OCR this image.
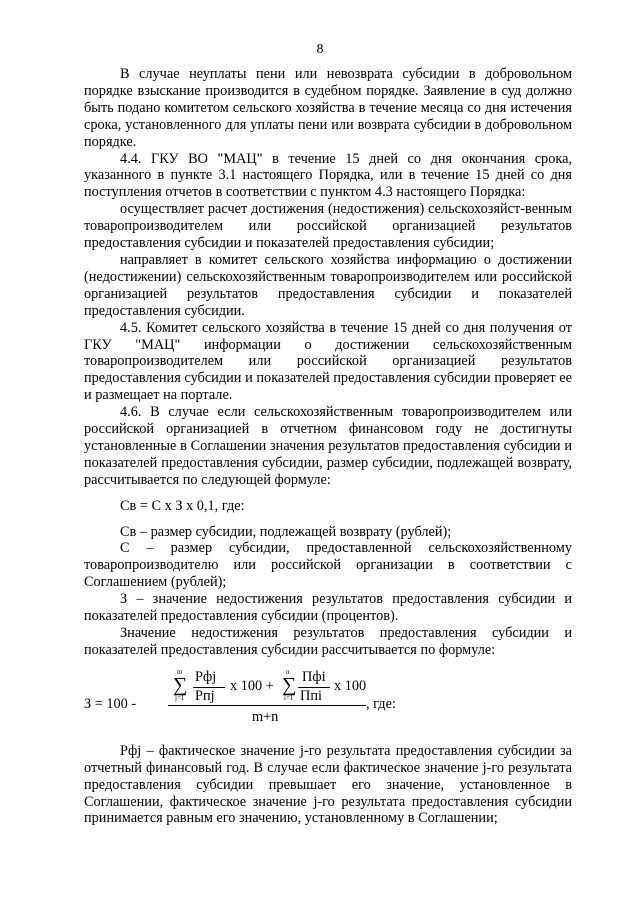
8

В случае неуплаты пени или невозврата субсидии в добровольном порядке взыскание производится в судебном порядке. Заявление в суд должно быть подано комитетом сельского хозяйства в течение месяца со дня истечения срока, установленного для уплаты пени или возврата субсидии в добровольном порядке.

4.4. ГКУ ВО "МАЦ" в течение 15 дней со дня окончания срока, указанного в пункте 3.1 настоящего Порядка, или в течение 15 дней со дня поступления отчетов в соответствии с пунктом 4.3 настоящего Порядка:

осуществляет расчет достижения (недостижения) сельскохозяйст-венным товаропроизводителем или российской организацией результатов предоставления субсидии и показателей предоставления субсидии;

направляет в комитет сельского хозяйства информацию о достижении (недостижении) сельскохозяйственным товаропроизводителем или российской организацией результатов предоставления субсидии и показателей предоставления субсидии.

4.5. Комитет сельского хозяйства в течение 15 дней со дня получения от ГКУ "МАЦ" информации о достижении сельскохозяйственным товаропроизводителем или российской организацией результатов предоставления субсидии и показателей предоставления субсидии проверяет ее и размещает на портале.

4.6. В случае если сельскохозяйственным товаропроизводителем или российской организацией в отчетном финансовом году не достигнуты установленные в Соглашении значения результатов предоставления субсидии и показателей предоставления субсидии, размер субсидии, подлежащей возврату, рассчитывается по следующей формуле:

Св = С х З х 0,1, где:

Св – размер субсидии, подлежащей возврату (рублей);

С – размер субсидии, предоставленной сельскохозяйственному товаропроизводителю или российской организации в соответствии с Соглашением (рублей);

З – значение недостижения результатов предоставления субсидии и показателей предоставления субсидии (процентов).

Значение недостижения результатов предоставления субсидии и показателей предоставления субсидии рассчитывается по формуле:

m
∑
j=1
Рфj
Рпj
х 100 +
n
∑
i=1
Пфi
Ппi
х 100
З = 100 -	, где:
m+n

Рфj – фактическое значение j-го результата предоставления субсидии за отчетный финансовый год. В случае если фактическое значение j-го результата предоставления субсидии превышает его значение, установленное в Соглашении, фактическое значение j-го результата предоставления субсидии принимается равным его значению, установленному в Соглашении;
